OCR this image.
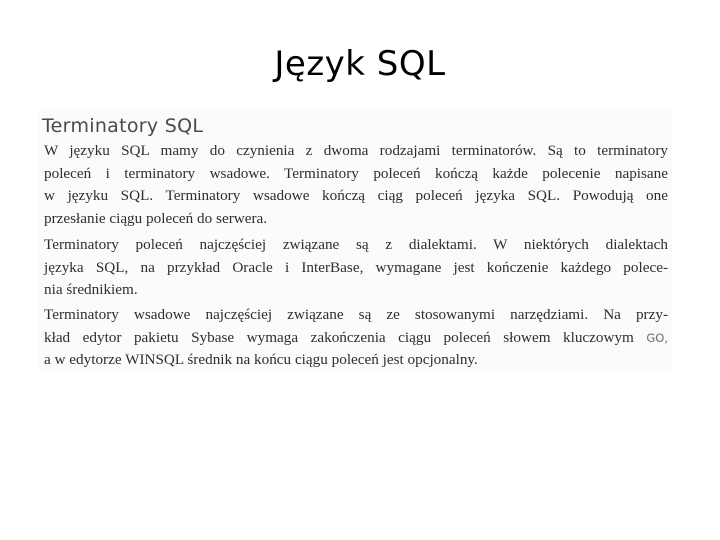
Język SQL
Terminatory SQL

W języku SQL mamy do czynienia z dwoma rodzajami terminatorów. Są to terminatory
poleceń i terminatory wsadowe. Terminatory poleceń kończą każde polecenie napisane
w języku SQL. Terminatory wsadowe kończą ciąg poleceń języka SQL. Powodują one
przesłanie ciągu poleceń do serwera.

Terminatory poleceń najczęściej związane są z dialektami. W niektórych dialektach
języka SQL, na przykład Oracle i InterBase, wymagane jest kończenie każdego polece-
nia średnikiem.

Terminatory wsadowe najczęściej związane są ze stosowanymi narzędziami. Na przy-
kład edytor pakietu Sybase wymaga zakończenia ciągu poleceń słowem kluczowym GO,
a w edytorze WINSQL średnik na końcu ciągu poleceń jest opcjonalny.
